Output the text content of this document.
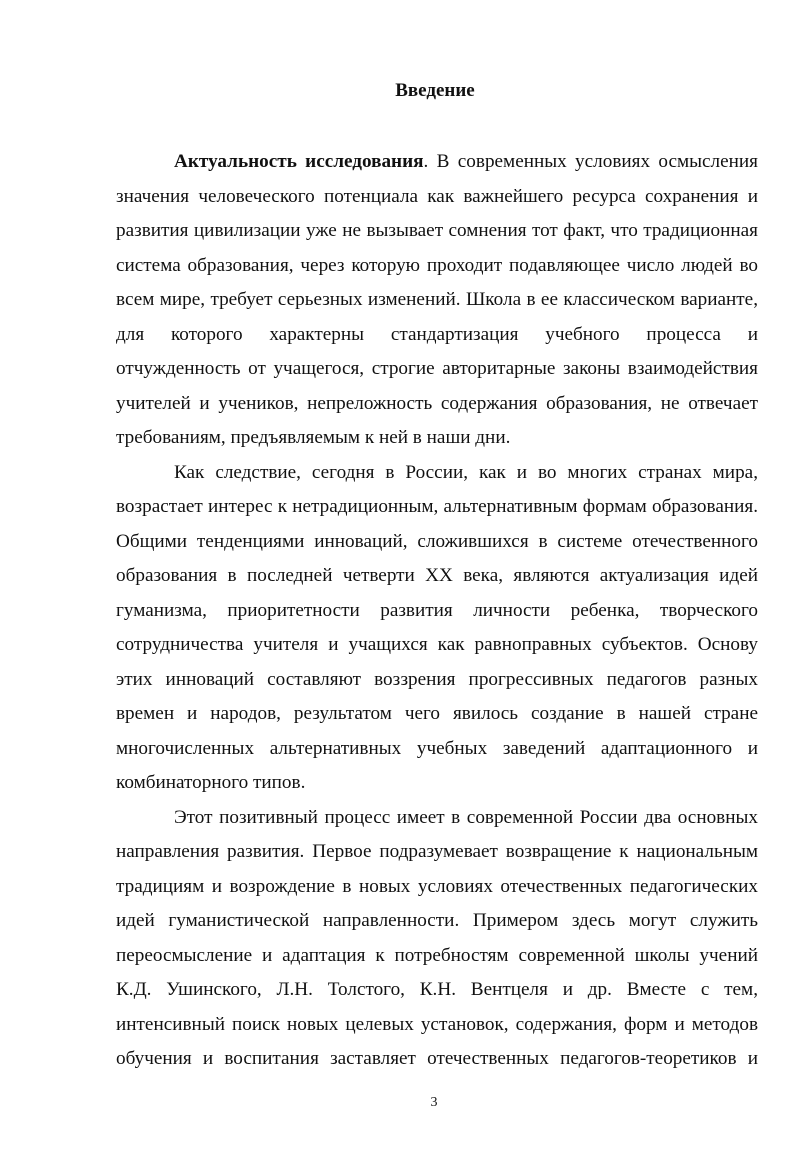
Введение
Актуальность исследования. В современных условиях осмысления
значения человеческого потенциала как важнейшего ресурса сохранения и
развития цивилизации уже не вызывает сомнения тот факт, что традиционная
система образования, через которую проходит подавляющее число людей во
всем мире, требует серьезных изменений. Школа в ее классическом варианте,
для которого характерны стандартизация учебного процесса и
отчужденность от учащегося, строгие авторитарные законы взаимодействия
учителей и учеников, непреложность содержания образования, не отвечает
требованиям, предъявляемым к ней в наши дни.
Как следствие, сегодня в России, как и во многих странах мира,
возрастает интерес к нетрадиционным, альтернативным формам образования.
Общими тенденциями инноваций, сложившихся в системе отечественного
образования в последней четверти XX века, являются актуализация идей
гуманизма, приоритетности развития личности ребенка, творческого
сотрудничества учителя и учащихся как равноправных субъектов. Основу
этих инноваций составляют воззрения прогрессивных педагогов разных
времен и народов, результатом чего явилось создание в нашей стране
многочисленных альтернативных учебных заведений адаптационного и
комбинаторного типов.
Этот позитивный процесс имеет в современной России два основных
направления развития. Первое подразумевает возвращение к национальным
традициям и возрождение в новых условиях отечественных педагогических
идей гуманистической направленности. Примером здесь могут служить
переосмысление и адаптация к потребностям современной школы учений
К.Д. Ушинского, Л.Н. Толстого, К.Н. Вентцеля и др. Вместе с тем,
интенсивный поиск новых целевых установок, содержания, форм и методов
обучения и воспитания заставляет отечественных педагогов-теоретиков и
3
